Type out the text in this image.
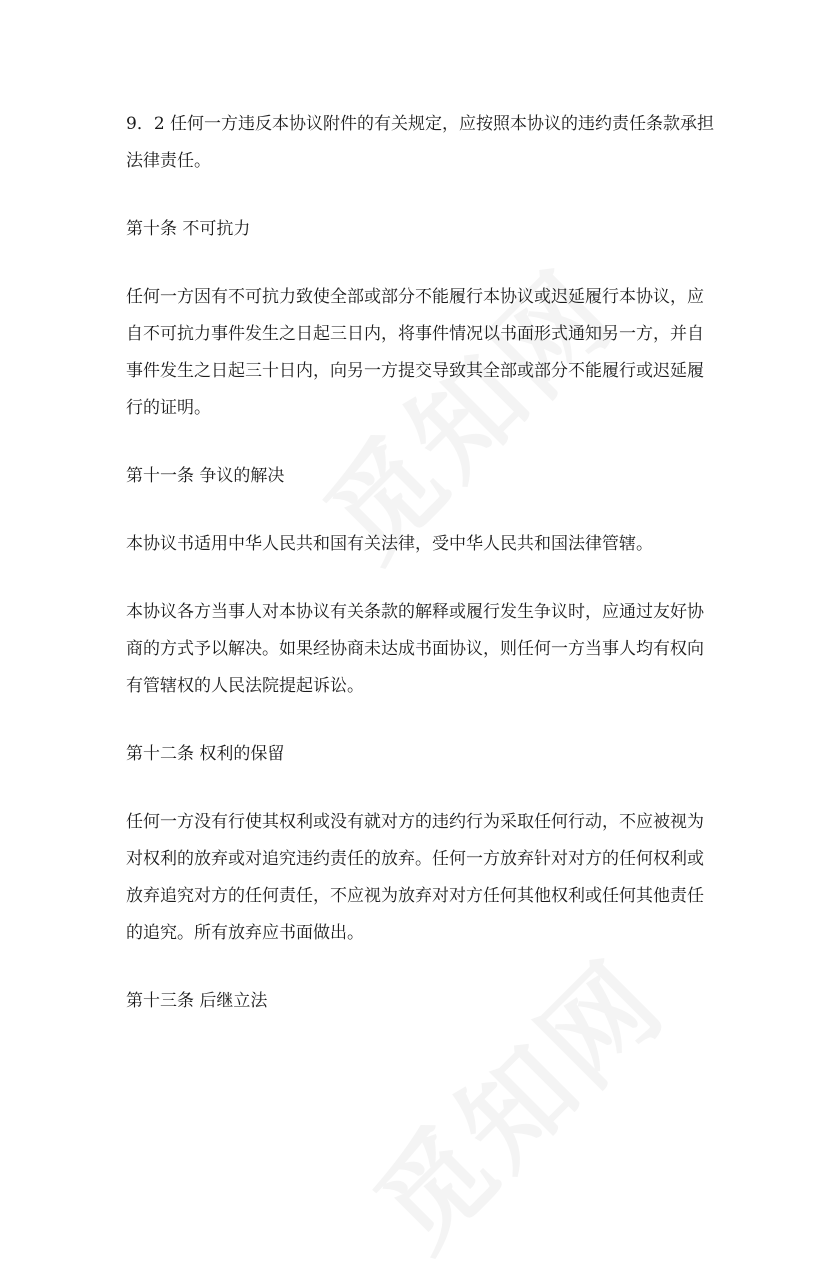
9．2 任何一方违反本协议附件的有关规定，应按照本协议的违约责任条款承担
法律责任。
第十条 不可抗力
任何一方因有不可抗力致使全部或部分不能履行本协议或迟延履行本协议，应
自不可抗力事件发生之日起三日内，将事件情况以书面形式通知另一方，并自
事件发生之日起三十日内，向另一方提交导致其全部或部分不能履行或迟延履
行的证明。
第十一条 争议的解决
本协议书适用中华人民共和国有关法律，受中华人民共和国法律管辖。
本协议各方当事人对本协议有关条款的解释或履行发生争议时，应通过友好协
商的方式予以解决。如果经协商未达成书面协议，则任何一方当事人均有权向
有管辖权的人民法院提起诉讼。
第十二条 权利的保留
任何一方没有行使其权利或没有就对方的违约行为采取任何行动，不应被视为
对权利的放弃或对追究违约责任的放弃。任何一方放弃针对对方的任何权利或
放弃追究对方的任何责任，不应视为放弃对对方任何其他权利或任何其他责任
的追究。所有放弃应书面做出。
第十三条 后继立法
